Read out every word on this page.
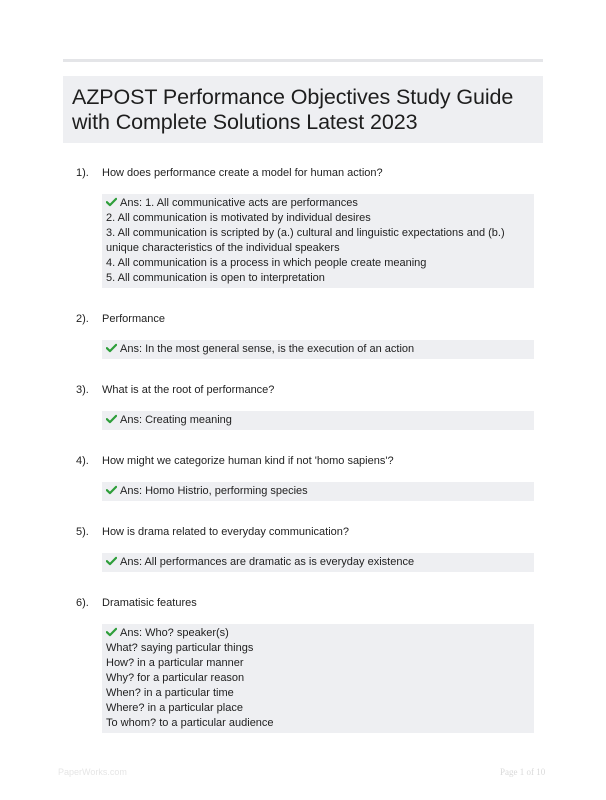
AZPOST Performance Objectives Study Guide
with Complete Solutions Latest 2023
1). How does performance create a model for human action?
Ans: 1. All communicative acts are performances
2. All communication is motivated by individual desires
3. All communication is scripted by (a.) cultural and linguistic expectations and (b.)
unique characteristics of the individual speakers
4. All communication is a process in which people create meaning
5. All communication is open to interpretation
2). Performance
Ans: In the most general sense, is the execution of an action
3). What is at the root of performance?
Ans: Creating meaning
4). How might we categorize human kind if not 'homo sapiens'?
Ans: Homo Histrio, performing species
5). How is drama related to everyday communication?
Ans: All performances are dramatic as is everyday existence
6). Dramatisic features
Ans: Who? speaker(s)
What? saying particular things
How? in a particular manner
Why? for a particular reason
When? in a particular time
Where? in a particular place
To whom? to a particular audience
PaperWorks.com	Page 1 of 10
